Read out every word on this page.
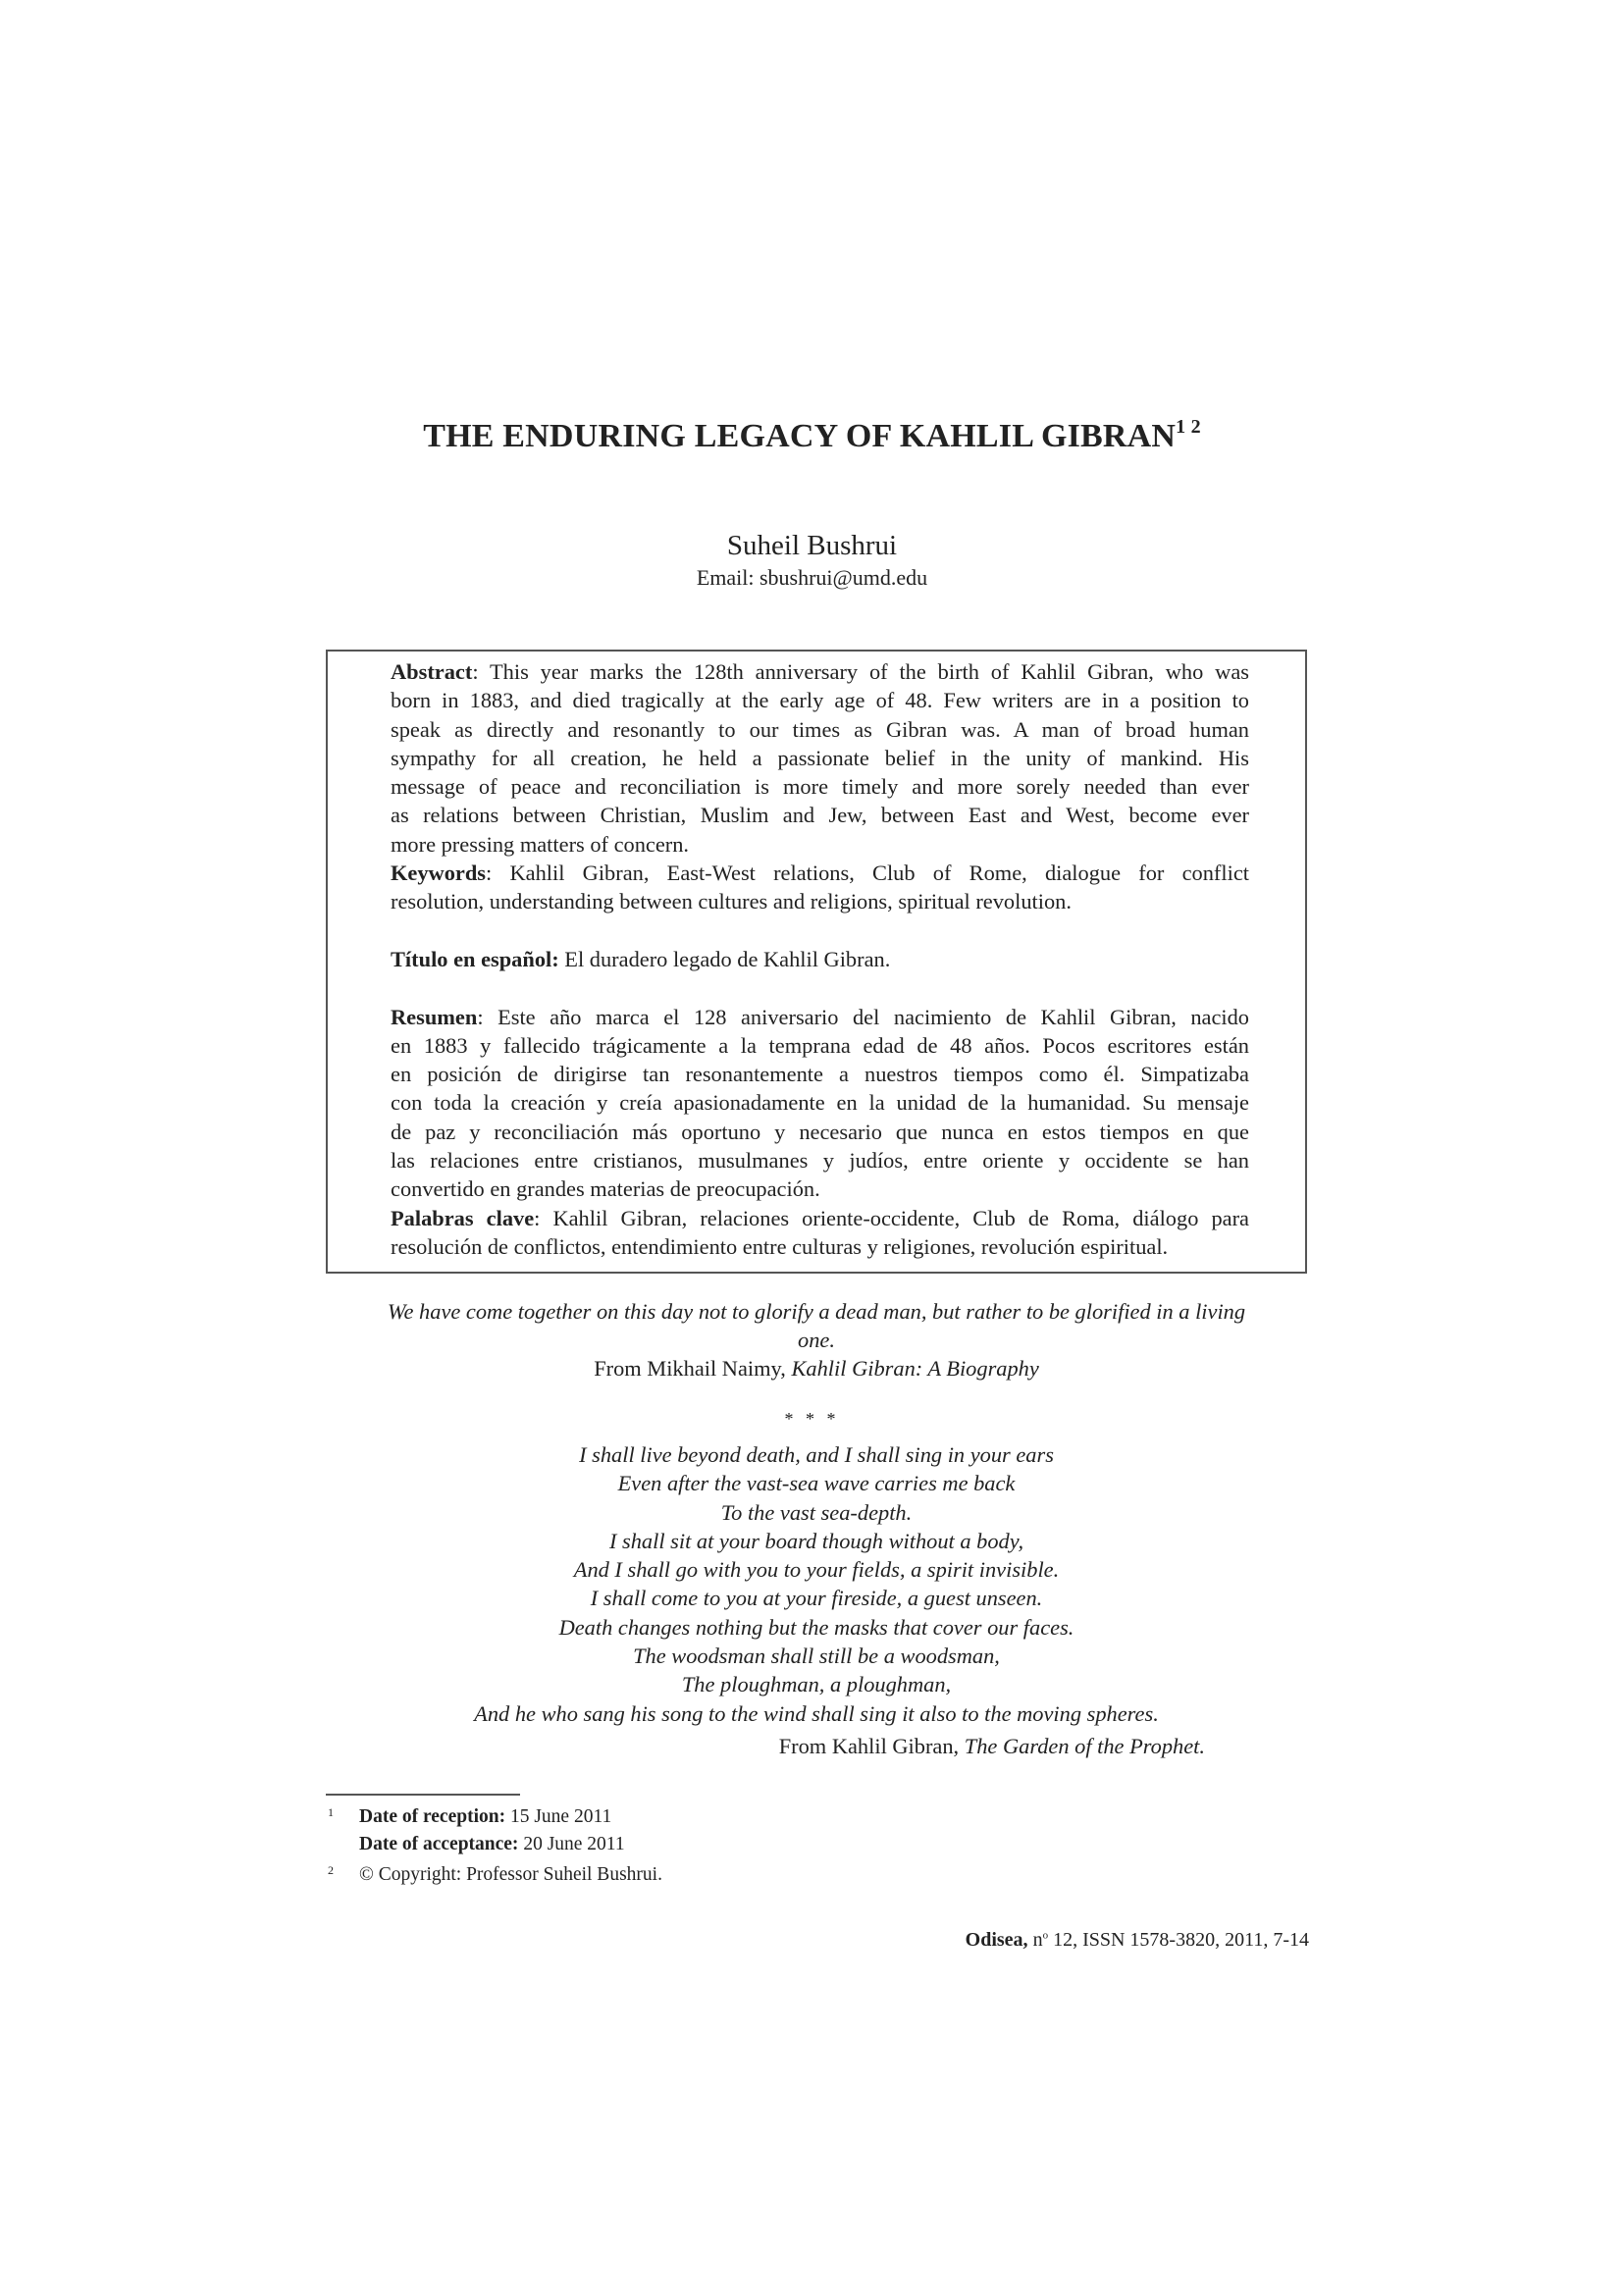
THE ENDURING LEGACY OF KAHLIL $GIBRAN^{1 2}$
Suheil Bushrui
Email: sbushrui@umd.edu
Abstract: This year marks the 128th anniversary of the birth of Kahlil Gibran, who was
born in 1883, and died tragically at the early age of 48. Few writers are in a position to
speak as directly and resonantly to our times as Gibran was. A man of broad human
sympathy for all creation, he held a passionate belief in the unity of mankind. His
message of peace and reconciliation is more timely and more sorely needed than ever
as relations between Christian, Muslim and Jew, between East and West, become ever
more pressing matters of concern.
Keywords: Kahlil Gibran, East-West relations, Club of Rome, dialogue for conflict
resolution, understanding between cultures and religions, spiritual revolution.
Título en español: El duradero legado de Kahlil Gibran.
Resumen: Este año marca el 128 aniversario del nacimiento de Kahlil Gibran, nacido
en 1883 y fallecido trágicamente a la temprana edad de 48 años. Pocos escritores están
en posición de dirigirse tan resonantemente a nuestros tiempos como él. Simpatizaba
con toda la creación y creía apasionadamente en la unidad de la humanidad. Su mensaje
de paz y reconciliación más oportuno y necesario que nunca en estos tiempos en que
las relaciones entre cristianos, musulmanes y judíos, entre oriente y occidente se han
convertido en grandes materias de preocupación.
Palabras clave: Kahlil Gibran, relaciones oriente-occidente, Club de Roma, diálogo para
resolución de conflictos, entendimiento entre culturas y religiones, revolución espiritual.
We have come together on this day not to glorify a dead man, but rather to be glorified in a living
one.
From Mikhail Naimy, Kahlil Gibran: A Biography
* * *
I shall live beyond death, and I shall sing in your ears
Even after the vast-sea wave carries me back
To the vast sea-depth.
I shall sit at your board though without a body,
And I shall go with you to your fields, a spirit invisible.
I shall come to you at your fireside, a guest unseen.
Death changes nothing but the masks that cover our faces.
The woodsman shall still be a woodsman,
The ploughman, a ploughman,
And he who sang his song to the wind shall sing it also to the moving spheres.
From Kahlil Gibran, The Garden of the Prophet.
1 Date of reception: 15 June 2011
Date of acceptance: 20 June 2011
2 © Copyright: Professor Suheil Bushrui.
Odisea, $n^o$ 12, ISSN 1578-3820, 2011, 7-14
